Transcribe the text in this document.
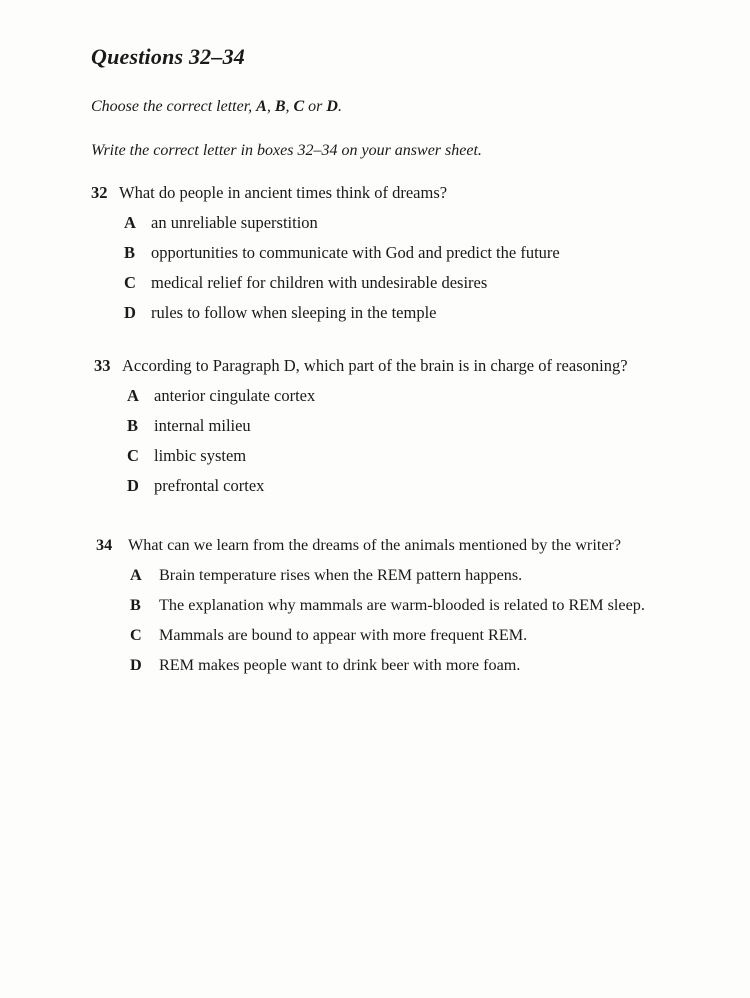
Questions 32–34
Choose the correct letter, A, B, C or D.
Write the correct letter in boxes 32–34 on your answer sheet.
32 What do people in ancient times think of dreams?
A an unreliable superstition
B opportunities to communicate with God and predict the future
C medical relief for children with undesirable desires
D rules to follow when sleeping in the temple
33 According to Paragraph D, which part of the brain is in charge of reasoning?
A anterior cingulate cortex
B internal milieu
C limbic system
D prefrontal cortex
34 What can we learn from the dreams of the animals mentioned by the writer?
A Brain temperature rises when the REM pattern happens.
B The explanation why mammals are warm-blooded is related to REM sleep.
C Mammals are bound to appear with more frequent REM.
D REM makes people want to drink beer with more foam.
